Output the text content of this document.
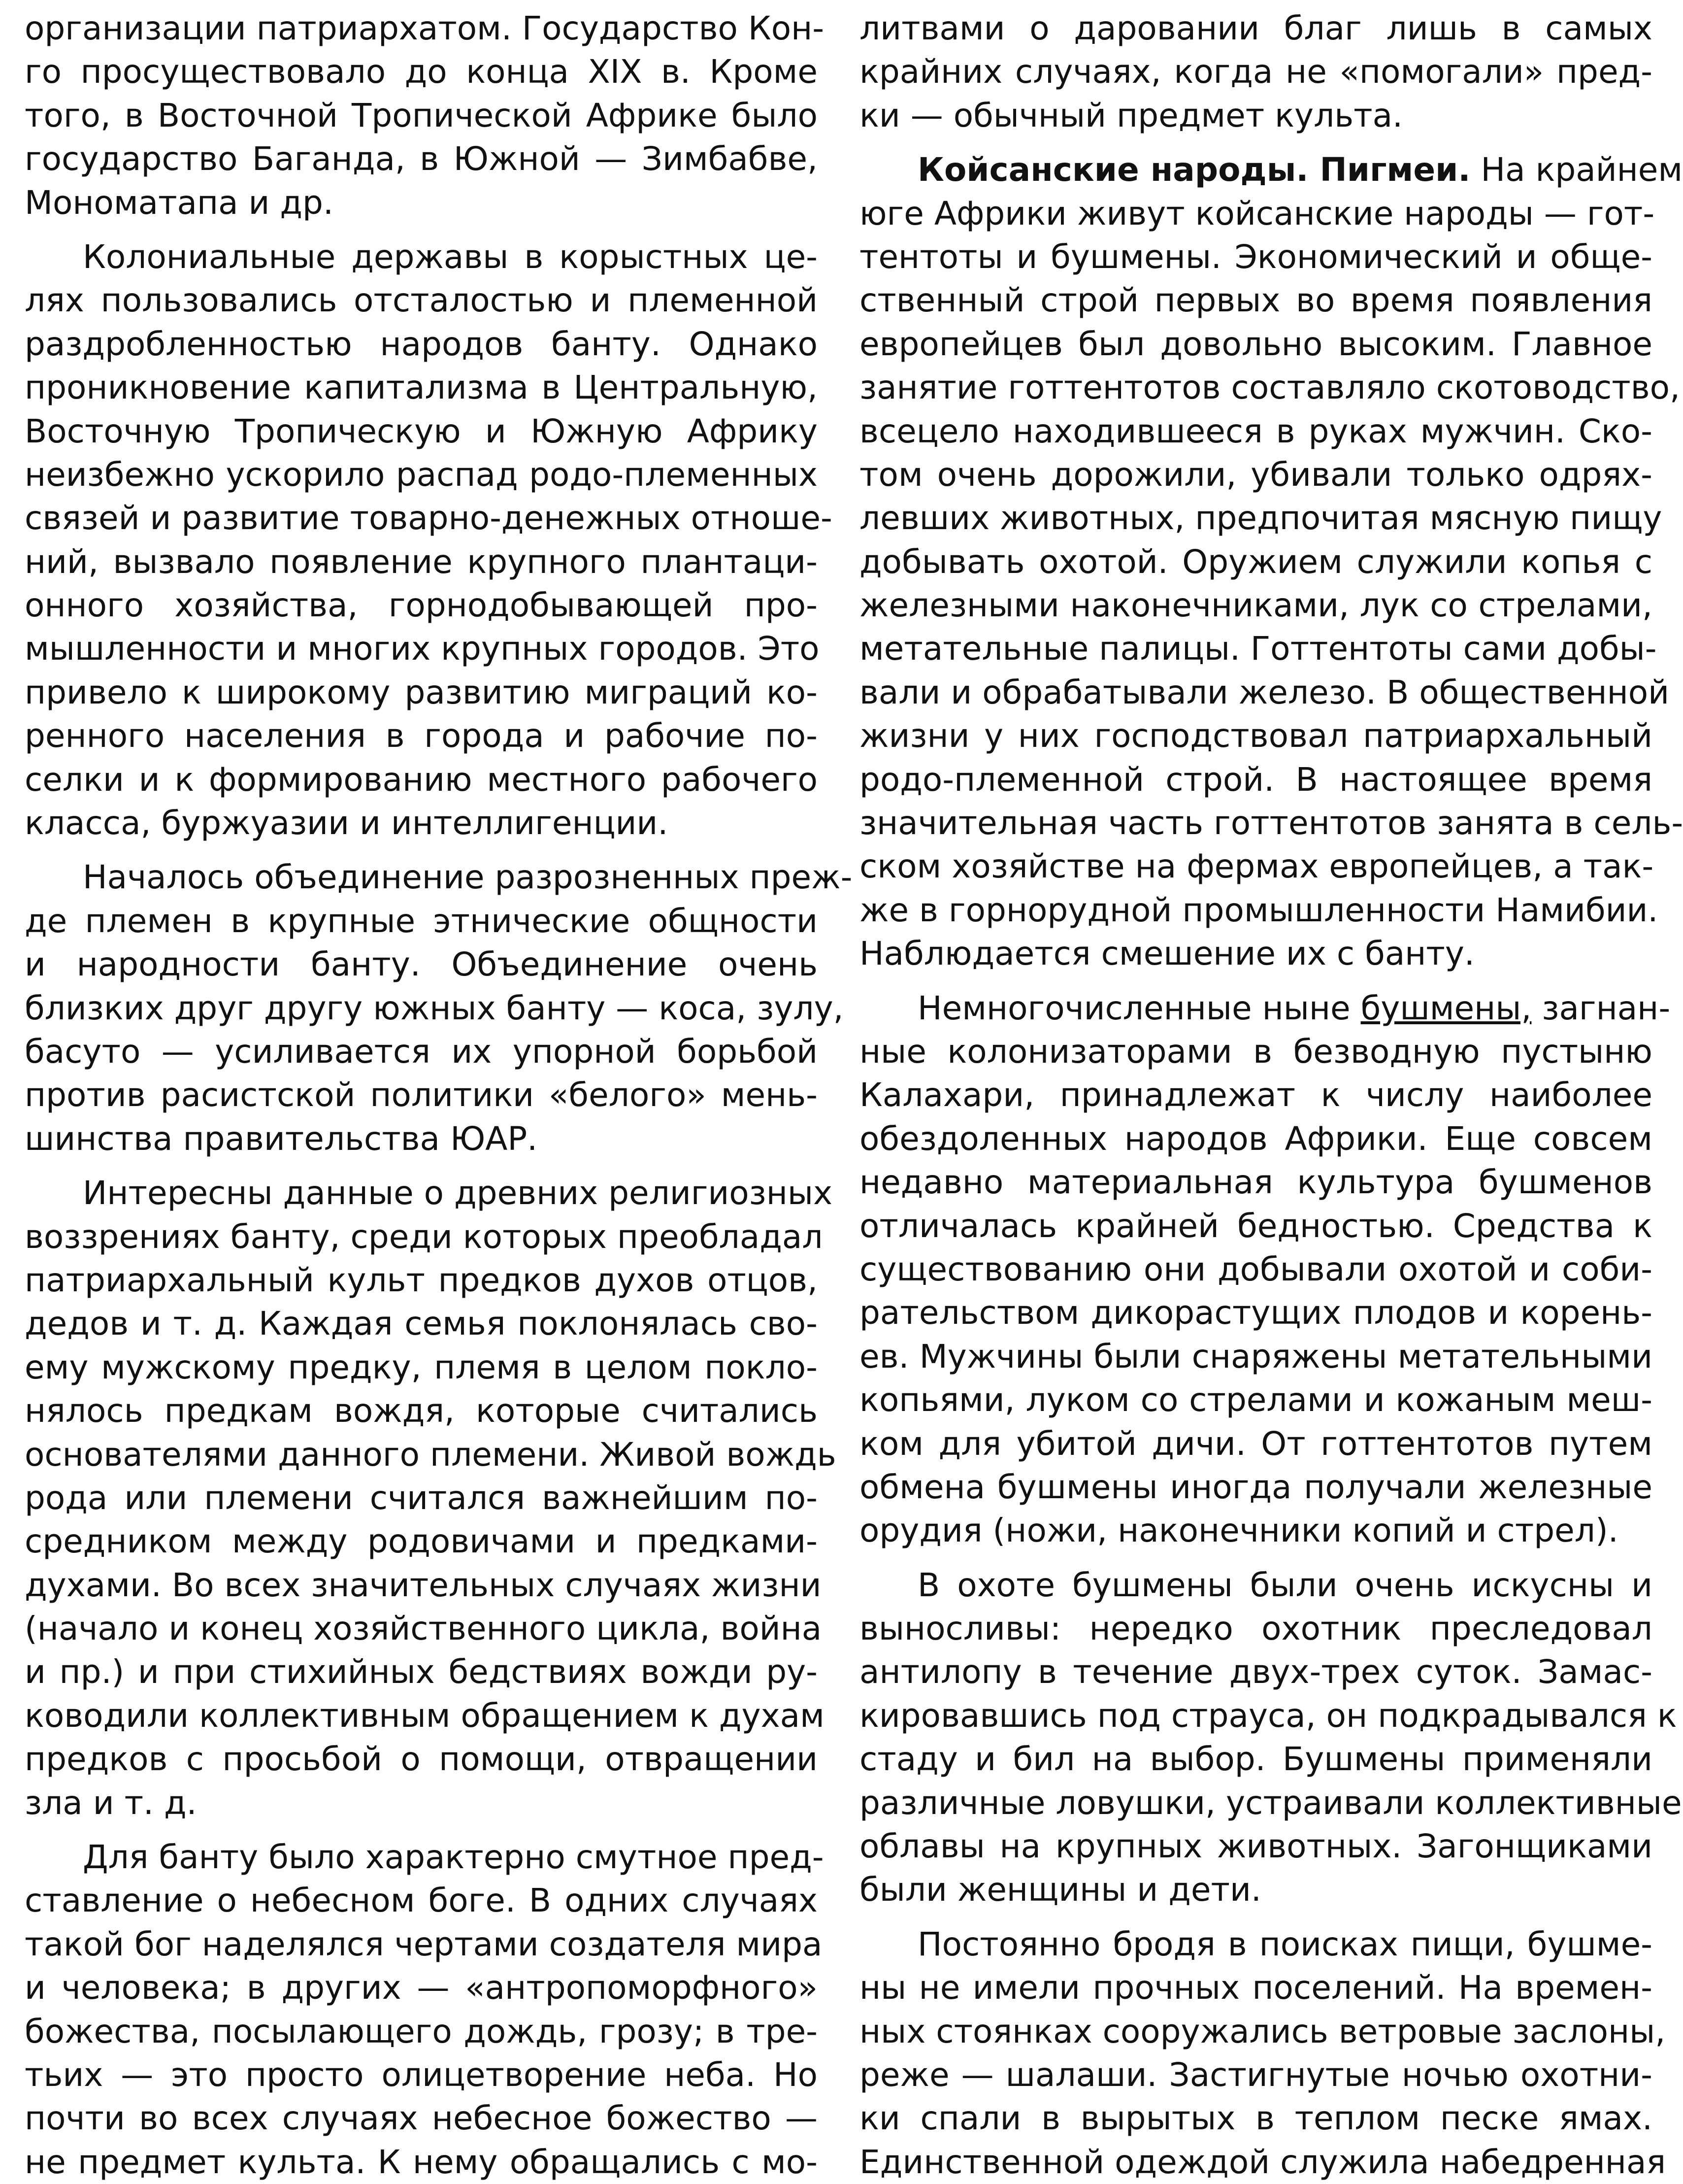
организации патриархатом. Государство Кон-
го просуществовало до конца XIX в. Кроме
того, в Восточной Тропической Африке было
государство Баганда, в Южной — Зимбабве,
Мономатапа и др.
Колониальные державы в корыстных це-
лях пользовались отсталостью и племенной
раздробленностью народов банту. Однако
проникновение капитализма в Центральную,
Восточную Тропическую и Южную Африку
неизбежно ускорило распад родо-племенных
связей и развитие товарно-денежных отноше-
ний, вызвало появление крупного плантаци-
онного хозяйства, горнодобывающей про-
мышленности и многих крупных городов. Это
привело к широкому развитию миграций ко-
ренного населения в города и рабочие по-
селки и к формированию местного рабочего
класса, буржуазии и интеллигенции.
Началось объединение разрозненных преж-
де племен в крупные этнические общности
и народности банту. Объединение очень
близких друг другу южных банту — коса, зулу,
басуто — усиливается их упорной борьбой
против расистской политики «белого» мень-
шинства правительства ЮАР.
Интересны данные о древних религиозных
воззрениях банту, среди которых преобладал
патриархальный культ предков духов отцов,
дедов и т. д. Каждая семья поклонялась сво-
ему мужскому предку, племя в целом покло-
нялось предкам вождя, которые считались
основателями данного племени. Живой вождь
рода или племени считался важнейшим по-
средником между родовичами и предками-
духами. Во всех значительных случаях жизни
(начало и конец хозяйственного цикла, война
и пр.) и при стихийных бедствиях вожди ру-
ководили коллективным обращением к духам
предков с просьбой о помощи, отвращении
зла и т. д.
Для банту было характерно смутное пред-
ставление о небесном боге. В одних случаях
такой бог наделялся чертами создателя мира
и человека; в других — «антропоморфного»
божества, посылающего дождь, грозу; в тре-
тьих — это просто олицетворение неба. Но
почти во всех случаях небесное божество —
не предмет культа. К нему обращались с мо-
литвами о даровании благ лишь в самых
крайних случаях, когда не «помогали» пред-
ки — обычный предмет культа.
Койсанские народы. Пигмеи. На крайнем
юге Африки живут койсанские народы — гот-
тентоты и бушмены. Экономический и обще-
ственный строй первых во время появления
европейцев был довольно высоким. Главное
занятие готтентотов составляло скотоводство,
всецело находившееся в руках мужчин. Ско-
том очень дорожили, убивали только одрях-
левших животных, предпочитая мясную пищу
добывать охотой. Оружием служили копья с
железными наконечниками, лук со стрелами,
метательные палицы. Готтентоты сами добы-
вали и обрабатывали железо. В общественной
жизни у них господствовал патриархальный
родо-племенной строй. В настоящее время
значительная часть готтентотов занята в сель-
ском хозяйстве на фермах европейцев, а так-
же в горнорудной промышленности Намибии.
Наблюдается смешение их с банту.
Немногочисленные ныне бушмены, загнан-
ные колонизаторами в безводную пустыню
Калахари, принадлежат к числу наиболее
обездоленных народов Африки. Еще совсем
недавно материальная культура бушменов
отличалась крайней бедностью. Средства к
существованию они добывали охотой и соби-
рательством дикорастущих плодов и корень-
ев. Мужчины были снаряжены метательными
копьями, луком со стрелами и кожаным меш-
ком для убитой дичи. От готтентотов путем
обмена бушмены иногда получали железные
орудия (ножи, наконечники копий и стрел).
В охоте бушмены были очень искусны и
выносливы: нередко охотник преследовал
антилопу в течение двух-трех суток. Замас-
кировавшись под страуса, он подкрадывался к
стаду и бил на выбор. Бушмены применяли
различные ловушки, устраивали коллективные
облавы на крупных животных. Загонщиками
были женщины и дети.
Постоянно бродя в поисках пищи, бушме-
ны не имели прочных поселений. На времен-
ных стоянках сооружались ветровые заслоны,
реже — шалаши. Застигнутые ночью охотни-
ки спали в вырытых в теплом песке ямах.
Единственной одеждой служила набедренная
